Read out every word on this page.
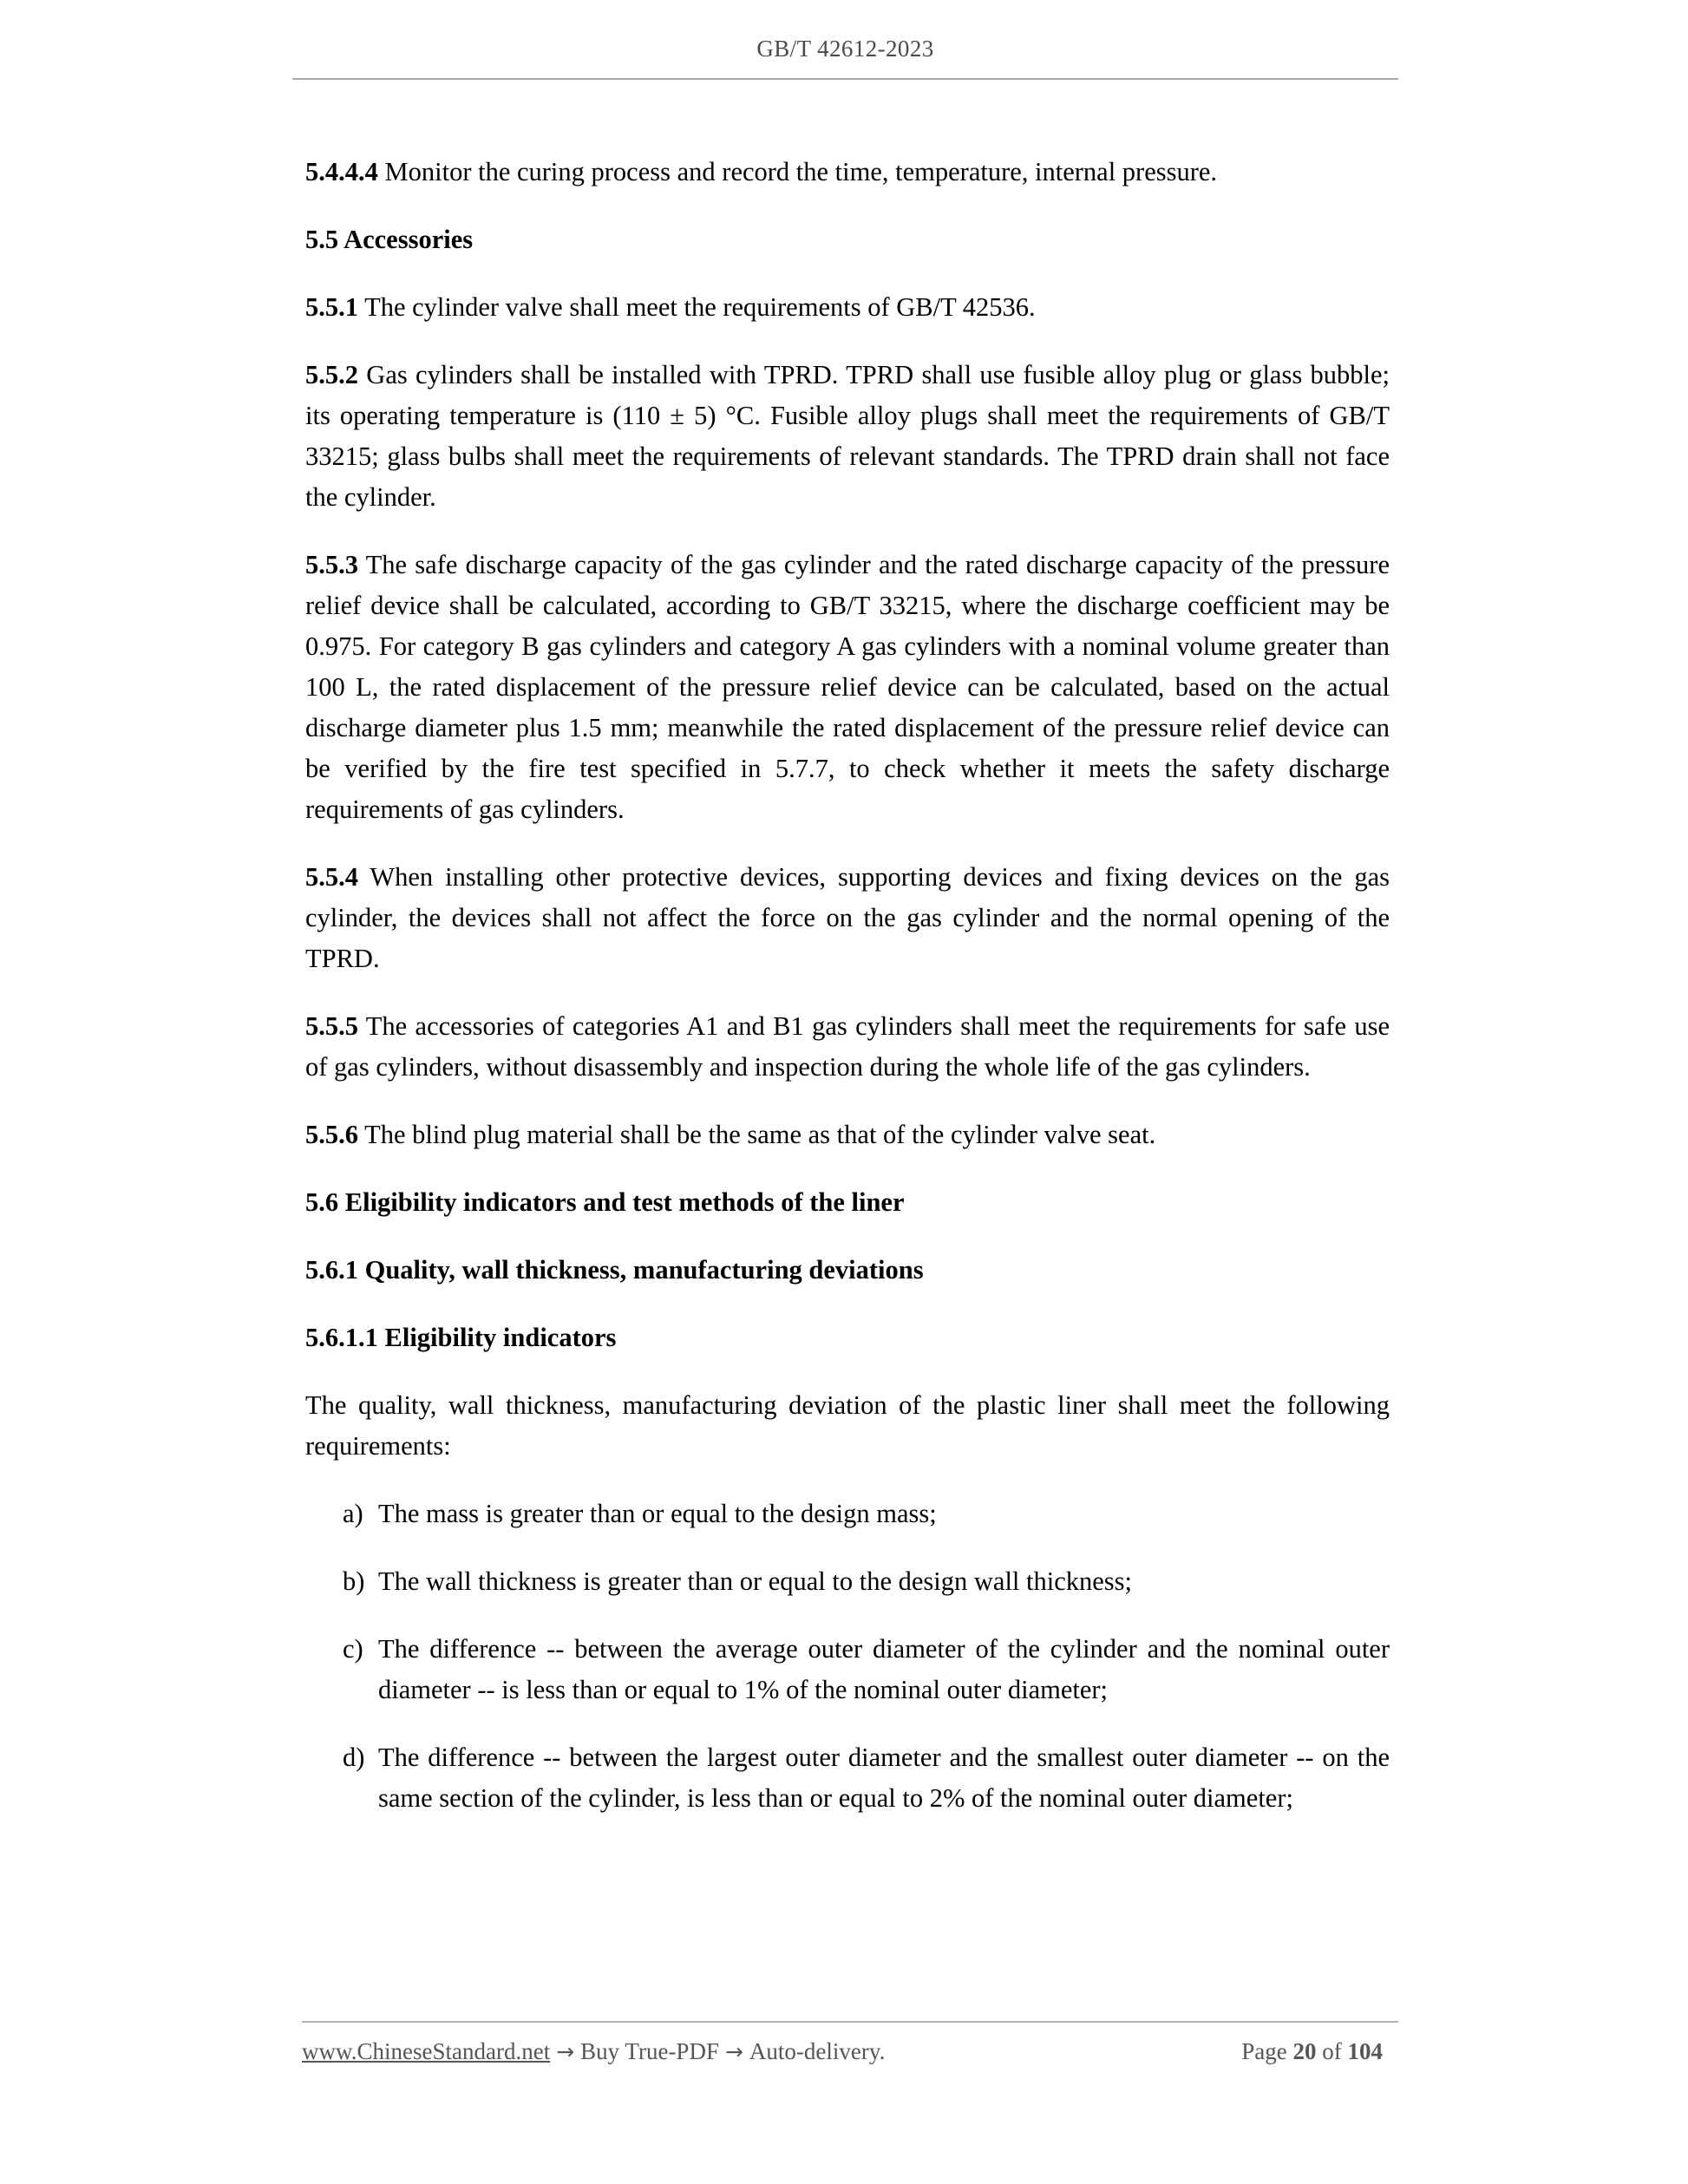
GB/T 42612-2023

5.4.4.4 Monitor the curing process and record the time, temperature, internal pressure.

5.5 Accessories

5.5.1 The cylinder valve shall meet the requirements of GB/T 42536.

5.5.2 Gas cylinders shall be installed with TPRD. TPRD shall use fusible alloy plug or glass bubble; its operating temperature is (110 ± 5) °C. Fusible alloy plugs shall meet the requirements of GB/T 33215; glass bulbs shall meet the requirements of relevant standards. The TPRD drain shall not face the cylinder.

5.5.3 The safe discharge capacity of the gas cylinder and the rated discharge capacity of the pressure relief device shall be calculated, according to GB/T 33215, where the discharge coefficient may be 0.975. For category B gas cylinders and category A gas cylinders with a nominal volume greater than 100 L, the rated displacement of the pressure relief device can be calculated, based on the actual discharge diameter plus 1.5 mm; meanwhile the rated displacement of the pressure relief device can be verified by the fire test specified in 5.7.7, to check whether it meets the safety discharge requirements of gas cylinders.

5.5.4 When installing other protective devices, supporting devices and fixing devices on the gas cylinder, the devices shall not affect the force on the gas cylinder and the normal opening of the TPRD.

5.5.5 The accessories of categories A1 and B1 gas cylinders shall meet the requirements for safe use of gas cylinders, without disassembly and inspection during the whole life of the gas cylinders.

5.5.6 The blind plug material shall be the same as that of the cylinder valve seat.

5.6 Eligibility indicators and test methods of the liner

5.6.1 Quality, wall thickness, manufacturing deviations

5.6.1.1 Eligibility indicators

The quality, wall thickness, manufacturing deviation of the plastic liner shall meet the following requirements:

a) The mass is greater than or equal to the design mass;
b) The wall thickness is greater than or equal to the design wall thickness;
c) The difference -- between the average outer diameter of the cylinder and the nominal outer diameter -- is less than or equal to 1% of the nominal outer diameter;
d) The difference -- between the largest outer diameter and the smallest outer diameter -- on the same section of the cylinder, is less than or equal to 2% of the nominal outer diameter;
www.ChineseStandard.net → Buy True-PDF → Auto-delivery.	Page 20 of 104
